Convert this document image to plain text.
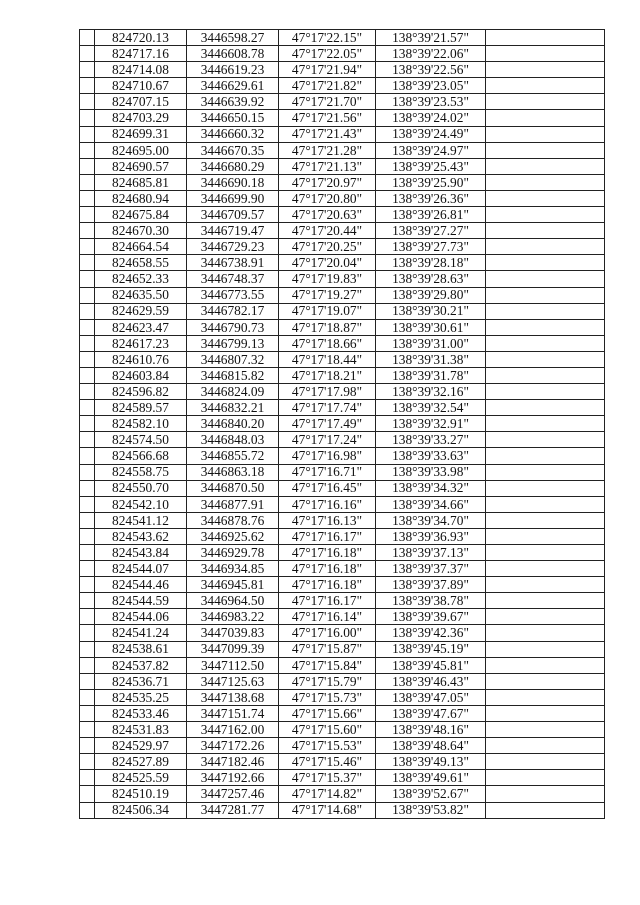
	824720.13	3446598.27	47°17'22.15"	138°39'21.57"	
	824717.16	3446608.78	47°17'22.05"	138°39'22.06"	
	824714.08	3446619.23	47°17'21.94"	138°39'22.56"	
	824710.67	3446629.61	47°17'21.82"	138°39'23.05"	
	824707.15	3446639.92	47°17'21.70"	138°39'23.53"	
	824703.29	3446650.15	47°17'21.56"	138°39'24.02"	
	824699.31	3446660.32	47°17'21.43"	138°39'24.49"	
	824695.00	3446670.35	47°17'21.28"	138°39'24.97"	
	824690.57	3446680.29	47°17'21.13"	138°39'25.43"	
	824685.81	3446690.18	47°17'20.97"	138°39'25.90"	
	824680.94	3446699.90	47°17'20.80"	138°39'26.36"	
	824675.84	3446709.57	47°17'20.63"	138°39'26.81"	
	824670.30	3446719.47	47°17'20.44"	138°39'27.27"	
	824664.54	3446729.23	47°17'20.25"	138°39'27.73"	
	824658.55	3446738.91	47°17'20.04"	138°39'28.18"	
	824652.33	3446748.37	47°17'19.83"	138°39'28.63"	
	824635.50	3446773.55	47°17'19.27"	138°39'29.80"	
	824629.59	3446782.17	47°17'19.07"	138°39'30.21"	
	824623.47	3446790.73	47°17'18.87"	138°39'30.61"	
	824617.23	3446799.13	47°17'18.66"	138°39'31.00"	
	824610.76	3446807.32	47°17'18.44"	138°39'31.38"	
	824603.84	3446815.82	47°17'18.21"	138°39'31.78"	
	824596.82	3446824.09	47°17'17.98"	138°39'32.16"	
	824589.57	3446832.21	47°17'17.74"	138°39'32.54"	
	824582.10	3446840.20	47°17'17.49"	138°39'32.91"	
	824574.50	3446848.03	47°17'17.24"	138°39'33.27"	
	824566.68	3446855.72	47°17'16.98"	138°39'33.63"	
	824558.75	3446863.18	47°17'16.71"	138°39'33.98"	
	824550.70	3446870.50	47°17'16.45"	138°39'34.32"	
	824542.10	3446877.91	47°17'16.16"	138°39'34.66"	
	824541.12	3446878.76	47°17'16.13"	138°39'34.70"	
	824543.62	3446925.62	47°17'16.17"	138°39'36.93"	
	824543.84	3446929.78	47°17'16.18"	138°39'37.13"	
	824544.07	3446934.85	47°17'16.18"	138°39'37.37"	
	824544.46	3446945.81	47°17'16.18"	138°39'37.89"	
	824544.59	3446964.50	47°17'16.17"	138°39'38.78"	
	824544.06	3446983.22	47°17'16.14"	138°39'39.67"	
	824541.24	3447039.83	47°17'16.00"	138°39'42.36"	
	824538.61	3447099.39	47°17'15.87"	138°39'45.19"	
	824537.82	3447112.50	47°17'15.84"	138°39'45.81"	
	824536.71	3447125.63	47°17'15.79"	138°39'46.43"	
	824535.25	3447138.68	47°17'15.73"	138°39'47.05"	
	824533.46	3447151.74	47°17'15.66"	138°39'47.67"	
	824531.83	3447162.00	47°17'15.60"	138°39'48.16"	
	824529.97	3447172.26	47°17'15.53"	138°39'48.64"	
	824527.89	3447182.46	47°17'15.46"	138°39'49.13"	
	824525.59	3447192.66	47°17'15.37"	138°39'49.61"	
	824510.19	3447257.46	47°17'14.82"	138°39'52.67"	
	824506.34	3447281.77	47°17'14.68"	138°39'53.82"	
